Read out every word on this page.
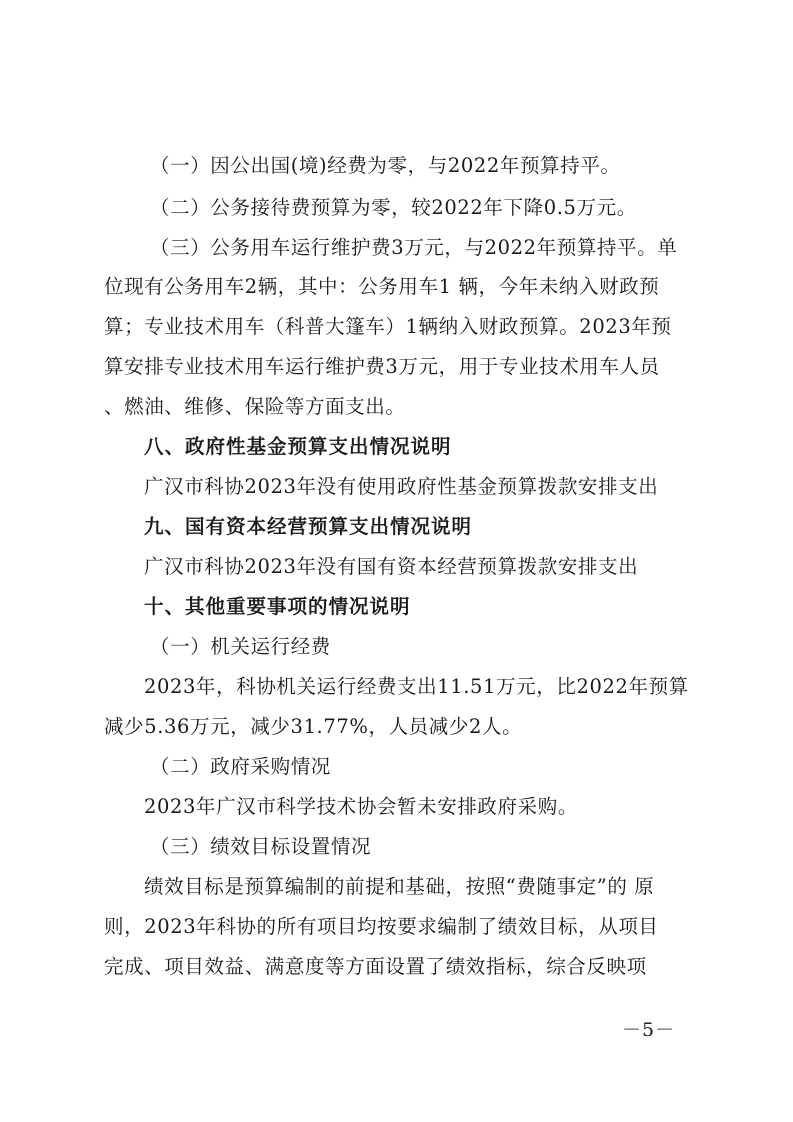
（一）因公出国(境)经费为零，与2022年预算持平。
（二）公务接待费预算为零，较2022年下降0.5万元。
（三）公务用车运行维护费3万元，与2022年预算持平。单
位现有公务用车2辆，其中：公务用车1 辆，今年未纳入财政预
算；专业技术用车（科普大篷车）1辆纳入财政预算。2023年预
算安排专业技术用车运行维护费3万元，用于专业技术用车人员
、燃油、维修、保险等方面支出。
八、政府性基金预算支出情况说明
广汉市科协2023年没有使用政府性基金预算拨款安排支出
九、国有资本经营预算支出情况说明
广汉市科协2023年没有国有资本经营预算拨款安排支出
十、其他重要事项的情况说明
（一）机关运行经费
2023年，科协机关运行经费支出11.51万元，比2022年预算
减少5.36万元，减少31.77%，人员减少2人。
（二）政府采购情况
2023年广汉市科学技术协会暂未安排政府采购。
（三）绩效目标设置情况
绩效目标是预算编制的前提和基础，按照“费随事定”的 原
则，2023年科协的所有项目均按要求编制了绩效目标，从项目
完成、项目效益、满意度等方面设置了绩效指标，综合反映项
－5－
